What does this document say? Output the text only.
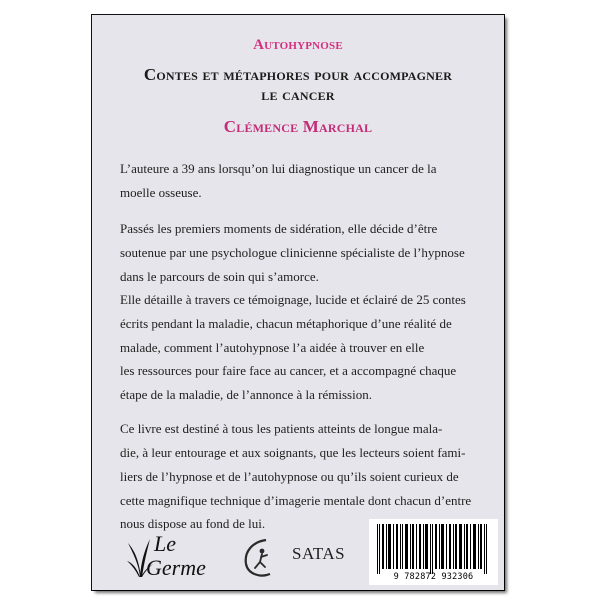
Autohypnose
Contes et métaphores pour accompagner
le cancer
Clémence Marchal
L’auteure a 39 ans lorsqu’on lui diagnostique un cancer de la
moelle osseuse.
Passés les premiers moments de sidération, elle décide d’être
soutenue par une psychologue clinicienne spécialiste de l’hypnose
dans le parcours de soin qui s’amorce.
Elle détaille à travers ce témoignage, lucide et éclairé de 25 contes
écrits pendant la maladie, chacun métaphorique d’une réalité de
malade, comment l’autohypnose l’a aidée à trouver en elle
les ressources pour faire face au cancer, et a accompagné chaque
étape de la maladie, de l’annonce à la rémission.
Ce livre est destiné à tous les patients atteints de longue mala-
die, à leur entourage et aux soignants, que les lecteurs soient fami-
liers de l’hypnose et de l’autohypnose ou qu’ils soient curieux de
cette magnifique technique d’imagerie mentale dont chacun d’entre
nous dispose au fond de lui.
Le
Germe
SATAS
9 782872 932306
